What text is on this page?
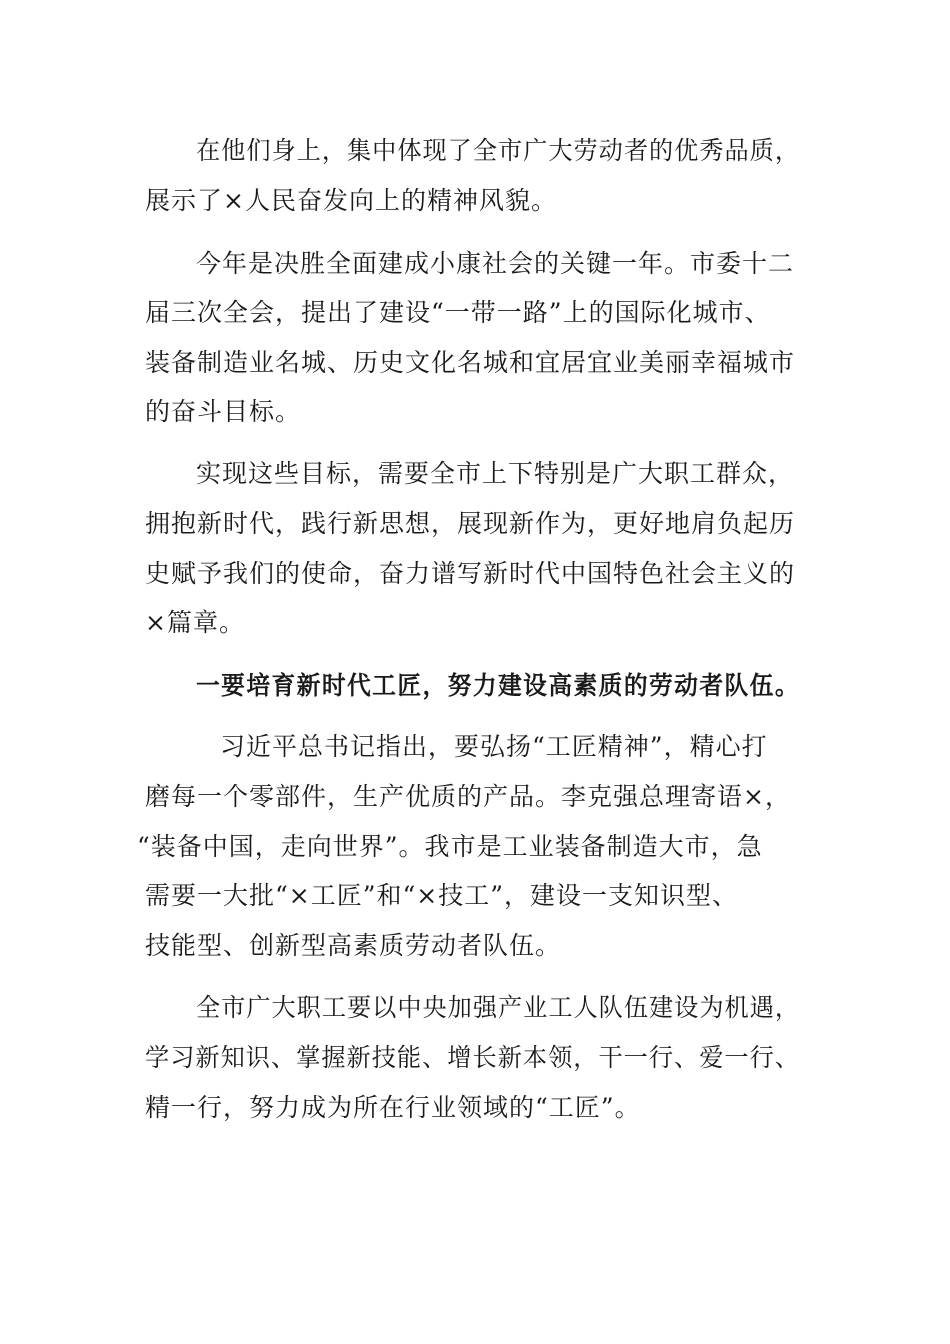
在他们身上，集中体现了全市广大劳动者的优秀品质，
展示了×人民奋发向上的精神风貌。
今年是决胜全面建成小康社会的关键一年。市委十二
届三次全会，提出了建设“一带一路”上的国际化城市、
装备制造业名城、历史文化名城和宜居宜业美丽幸福城市
的奋斗目标。
实现这些目标，需要全市上下特别是广大职工群众，
拥抱新时代，践行新思想，展现新作为，更好地肩负起历
史赋予我们的使命，奋力谱写新时代中国特色社会主义的
×篇章。
一要培育新时代工匠，努力建设高素质的劳动者队伍。
习近平总书记指出，要弘扬“工匠精神”，精心打
磨每一个零部件，生产优质的产品。李克强总理寄语×，
“装备中国，走向世界”。我市是工业装备制造大市，急
需要一大批“×工匠”和“×技工”，建设一支知识型、
技能型、创新型高素质劳动者队伍。
全市广大职工要以中央加强产业工人队伍建设为机遇，
学习新知识、掌握新技能、增长新本领，干一行、爱一行、
精一行，努力成为所在行业领域的“工匠”。
